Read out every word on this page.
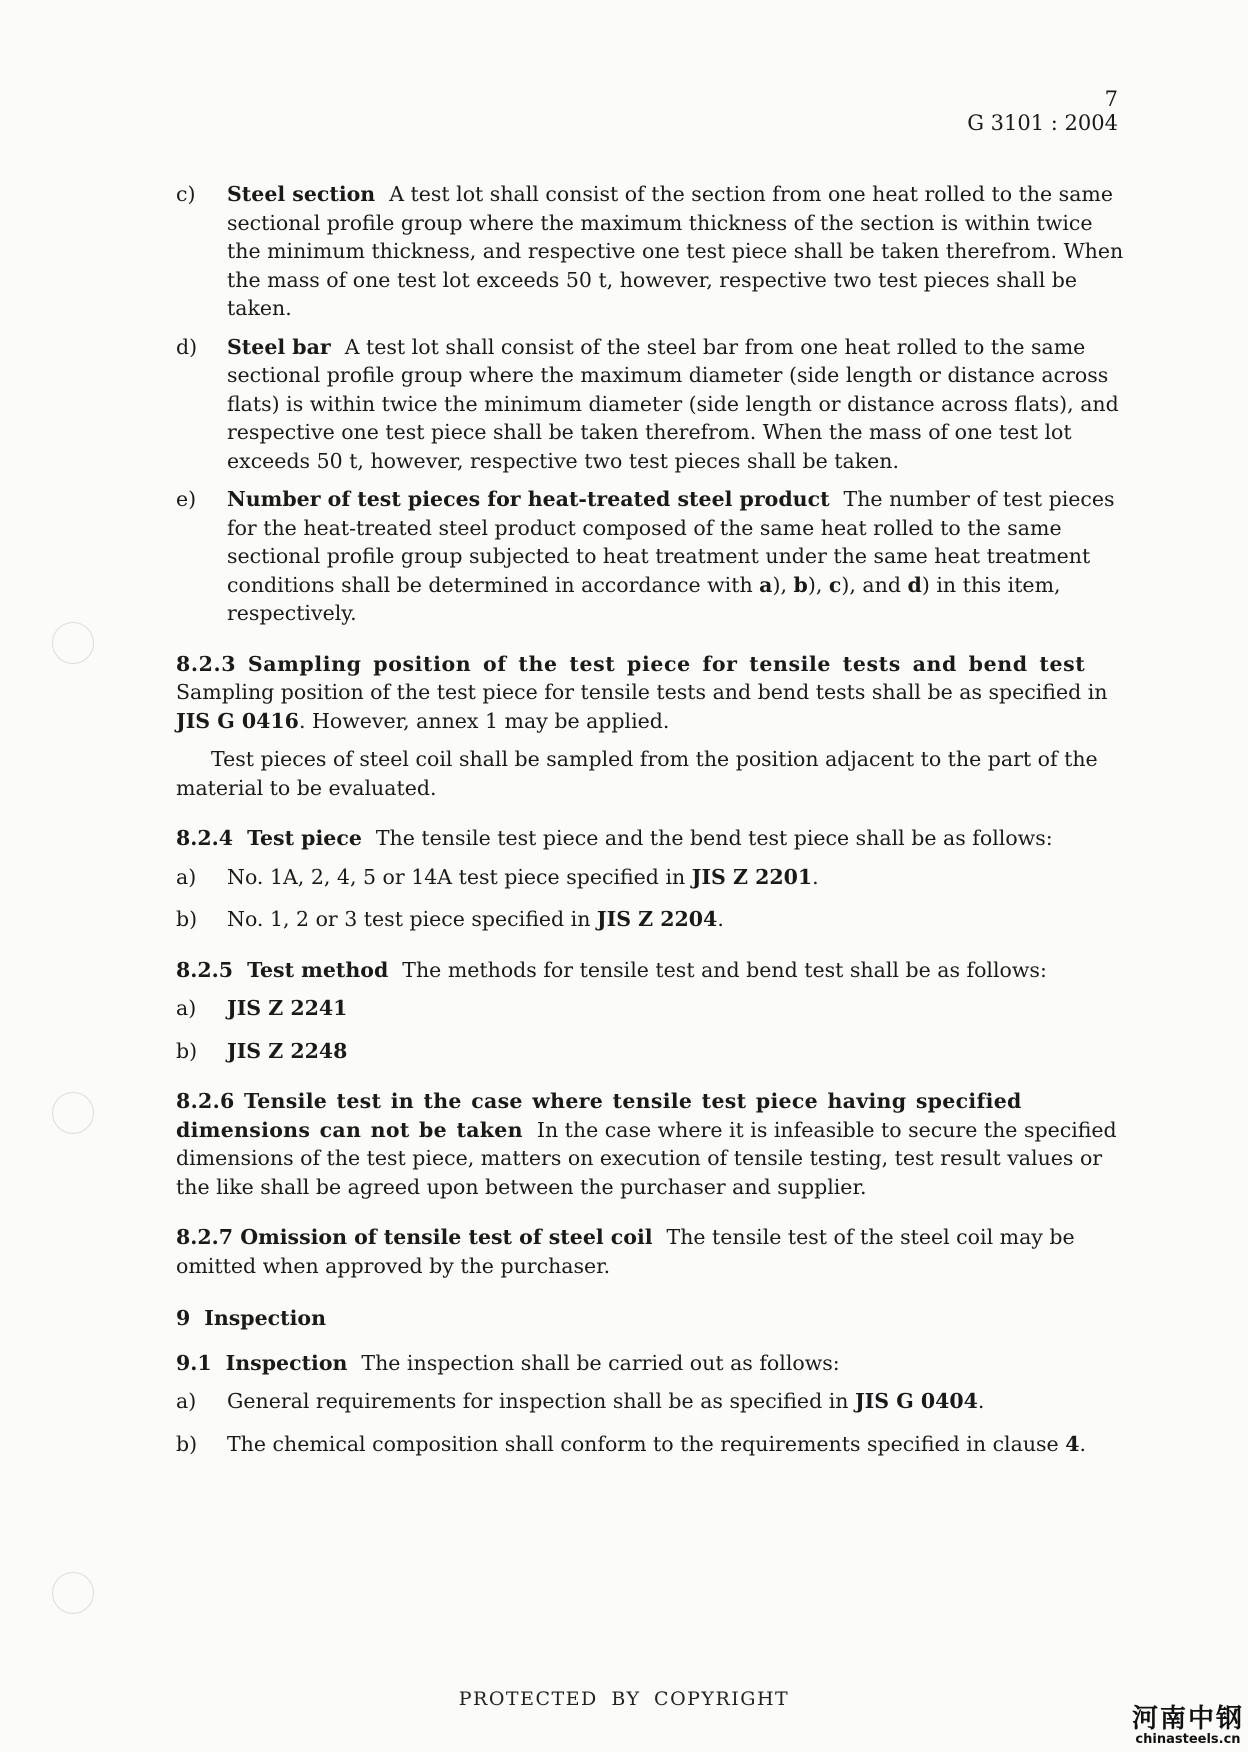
7
G 3101 : 2004
c)	Steel section A test lot shall consist of the section from one heat rolled to the same sectional profile group where the maximum thickness of the section is within twice the minimum thickness, and respective one test piece shall be taken therefrom. When the mass of one test lot exceeds 50 t, however, respective two test pieces shall be taken.
d)	Steel bar A test lot shall consist of the steel bar from one heat rolled to the same sectional profile group where the maximum diameter (side length or distance across flats) is within twice the minimum diameter (side length or distance across flats), and respective one test piece shall be taken therefrom. When the mass of one test lot exceeds 50 t, however, respective two test pieces shall be taken.
e)	Number of test pieces for heat-treated steel product The number of test pieces for the heat-treated steel product composed of the same heat rolled to the same sectional profile group subjected to heat treatment under the same heat treatment conditions shall be determined in accordance with a), b), c), and d) in this item, respectively.

8.2.3 Sampling position of the test piece for tensile tests and bend testSampling position of the test piece for tensile tests and bend tests shall be as specified in JIS G 0416. However, annex 1 may be applied.

Test pieces of steel coil shall be sampled from the position adjacent to the part of the material to be evaluated.

8.2.4 Test piece The tensile test piece and the bend test piece shall be as follows:

a)	No. 1A, 2, 4, 5 or 14A test piece specified in JIS Z 2201.
b)	No. 1, 2 or 3 test piece specified in JIS Z 2204.

8.2.5 Test method The methods for tensile test and bend test shall be as follows:

a)	JIS Z 2241
b)	JIS Z 2248

8.2.6 Tensile test in the case where tensile test piece having specified dimensions can not be taken In the case where it is infeasible to secure the specified dimensions of the test piece, matters on execution of tensile testing, test result values or the like shall be agreed upon between the purchaser and supplier.

8.2.7 Omission of tensile test of steel coil The tensile test of the steel coil may be omitted when approved by the purchaser.

9 Inspection

9.1 Inspection The inspection shall be carried out as follows:

a)	General requirements for inspection shall be as specified in JIS G 0404.
b)	The chemical composition shall conform to the requirements specified in clause 4.
PROTECTED BY COPYRIGHT
河南中钢
chinasteels.cn
